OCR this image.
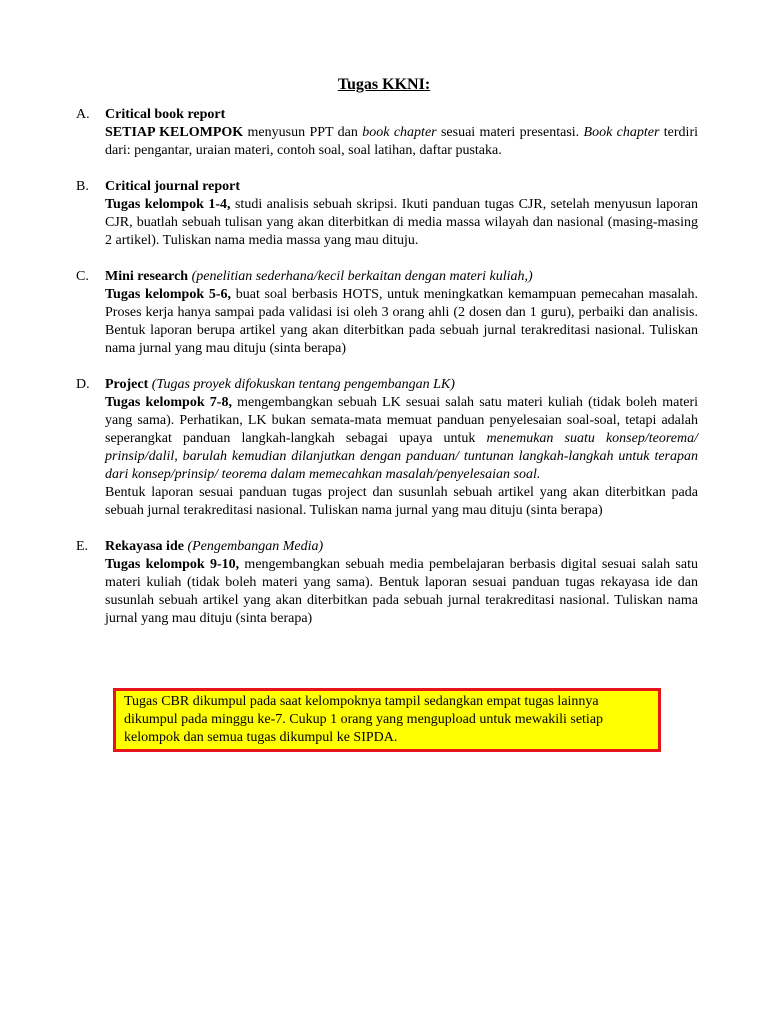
Tugas KKNI:
A. Critical book report
SETIAP KELOMPOK menyusun PPT dan book chapter sesuai materi presentasi. Book chapter terdiri dari: pengantar, uraian materi, contoh soal, soal latihan, daftar pustaka.
B. Critical journal report
Tugas kelompok 1-4, studi analisis sebuah skripsi. Ikuti panduan tugas CJR, setelah menyusun laporan CJR, buatlah sebuah tulisan yang akan diterbitkan di media massa wilayah dan nasional (masing-masing 2 artikel). Tuliskan nama media massa yang mau dituju.
C. Mini research (penelitian sederhana/kecil berkaitan dengan materi kuliah,)
Tugas kelompok 5-6, buat soal berbasis HOTS, untuk meningkatkan kemampuan pemecahan masalah. Proses kerja hanya sampai pada validasi isi oleh 3 orang ahli (2 dosen dan 1 guru), perbaiki dan analisis. Bentuk laporan berupa artikel yang akan diterbitkan pada sebuah jurnal terakreditasi nasional. Tuliskan nama jurnal yang mau dituju (sinta berapa)
D. Project (Tugas proyek difokuskan tentang pengembangan LK)
Tugas kelompok 7-8, mengembangkan sebuah LK sesuai salah satu materi kuliah (tidak boleh materi yang sama). Perhatikan, LK bukan semata-mata memuat panduan penyelesaian soal-soal, tetapi adalah seperangkat panduan langkah-langkah sebagai upaya untuk menemukan suatu konsep/teorema/ prinsip/dalil, barulah kemudian dilanjutkan dengan panduan/ tuntunan langkah-langkah untuk terapan dari konsep/prinsip/ teorema dalam memecahkan masalah/penyelesaian soal.
Bentuk laporan sesuai panduan tugas project dan susunlah sebuah artikel yang akan diterbitkan pada sebuah jurnal terakreditasi nasional. Tuliskan nama jurnal yang mau dituju (sinta berapa)
E. Rekayasa ide (Pengembangan Media)
Tugas kelompok 9-10, mengembangkan sebuah media pembelajaran berbasis digital sesuai salah satu materi kuliah (tidak boleh materi yang sama). Bentuk laporan sesuai panduan tugas rekayasa ide dan susunlah sebuah artikel yang akan diterbitkan pada sebuah jurnal terakreditasi nasional. Tuliskan nama jurnal yang mau dituju (sinta berapa)
Tugas CBR dikumpul pada saat kelompoknya tampil sedangkan empat tugas lainnya dikumpul pada minggu ke-7. Cukup 1 orang yang mengupload untuk mewakili setiap kelompok dan semua tugas dikumpul ke SIPDA.
